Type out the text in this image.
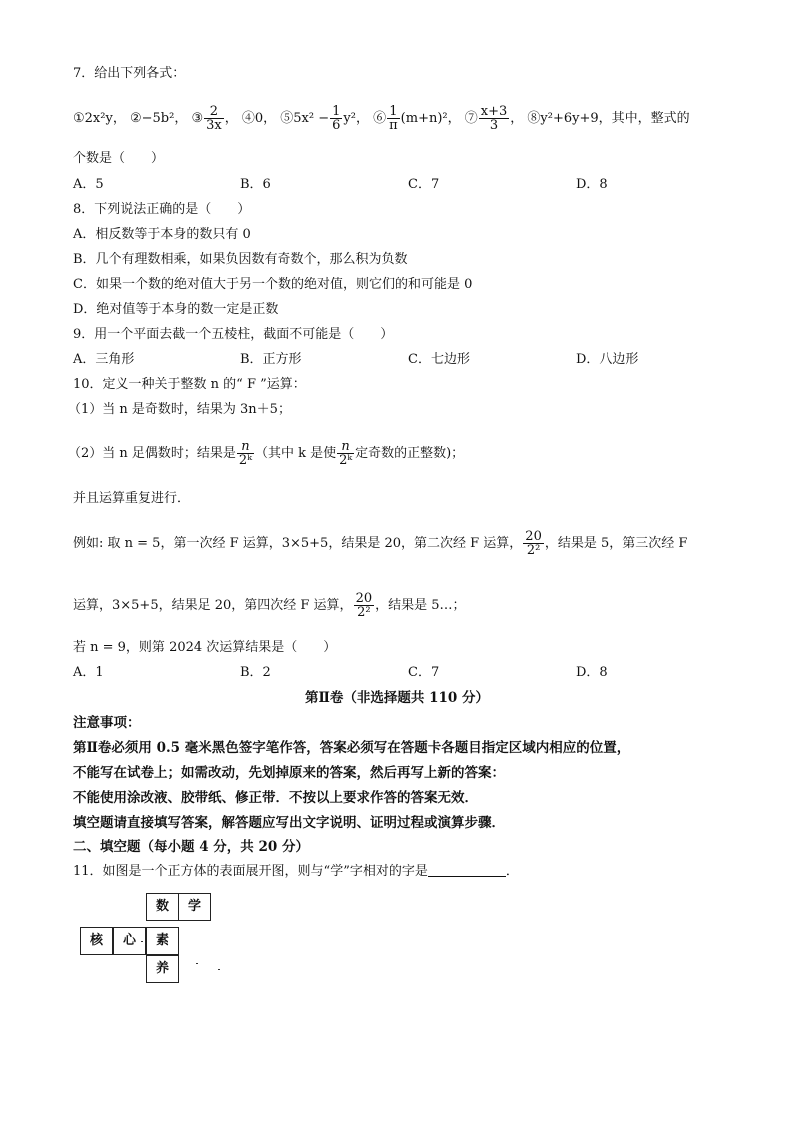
7．给出下列各式：
①2x²y， ②−5b²， ③ $\frac{2}{3x}$ ， ④0， ⑤5x² − $\frac{1}{6} y^2$， ⑥ $\frac{1}{\pi} (m+n)^2$， ⑦ $\frac{x+3}{3}$ ， ⑧y²+6y+9，其中，整式的
个数是（　　）
A．5	B．6	C．7	D．8
8．下列说法正确的是（　　）
A．相反数等于本身的数只有 0
B．几个有理数相乘，如果负因数有奇数个，那么积为负数
C．如果一个数的绝对值大于另一个数的绝对值，则它们的和可能是 0
D．绝对值等于本身的数一定是正数
9．用一个平面去截一个五棱柱，截面不可能是（　　）
A．三角形	B．正方形	C．七边形	D．八边形
10．定义一种关于整数 n 的“ F ”运算：
（1）当 n 是奇数时，结果为 3n＋5；
（2）当 n 足偶数时；结果是 $\frac{n}{\text{2ᵏ}}$ （其中 k 是使 $\frac{n}{\text{2ᵏ}}$ 定奇数的正整数)；
并且运算重复进行．
例如: 取 n = 5，第一次经 F 运算，3×5+5，结果是 20，第二次经 F 运算， $\frac{20}{\text{2²}}$ ，结果是 5，第三次经 F
运算，3×5+5，结果足 20，第四次经 F 运算， $\frac{20}{\text{2²}}$ ，结果是 5…；
若 n = 9，则第 2024 次运算结果是（　　）
A．1	B．2	C．7	D．8
第Ⅱ卷（非选择题共 110 分）
注意事项：
第Ⅱ卷必须用 0.5 毫米黑色签字笔作答，答案必须写在答题卡各题目指定区域内相应的位置，
不能写在试卷上；如需改动，先划掉原来的答案，然后再写上新的答案：
不能使用涂改液、胶带纸、修正带．不按以上要求作答的答案无效．
填空题请直接填写答案，解答题应写出文字说明、证明过程或演算步骤．
二、填空题（每小题 4 分，共 20 分）
11．如图是一个正方体的表面展开图，则与“学”字相对的字是	．
数	学
核	心	素
养
